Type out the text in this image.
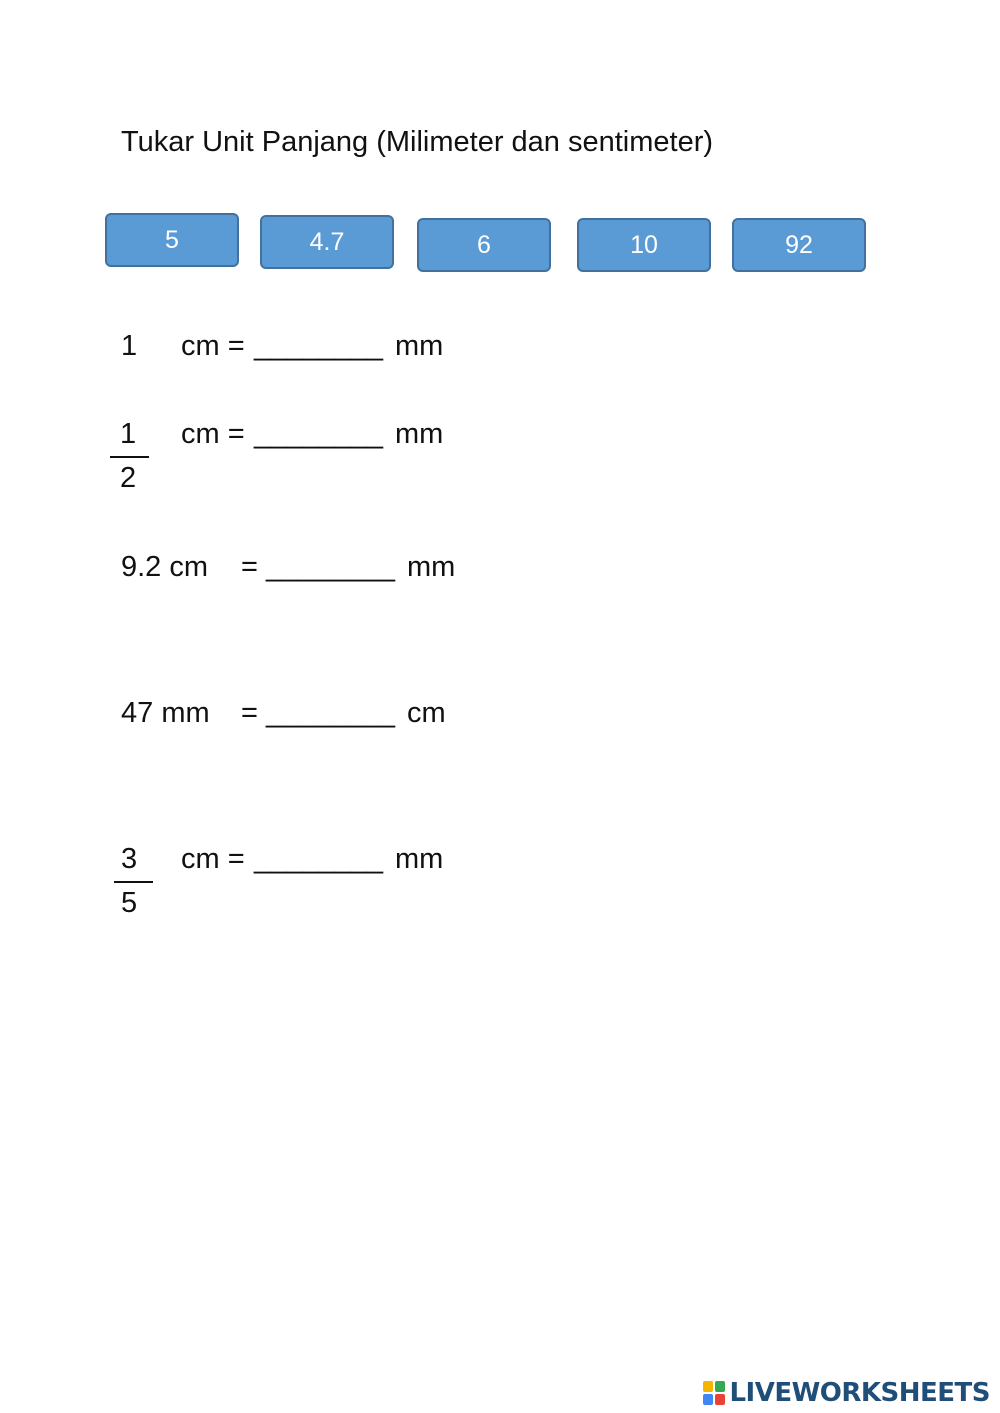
Tukar Unit Panjang (Milimeter dan sentimeter)
5	4.7	6	10	92
1 cm = ________ mm
1 cm = ________ mm
2
9.2 cm = ________ mm
47 mm = ________ cm
3 cm = ________ mm
5
LIVEWORKSHEETS
